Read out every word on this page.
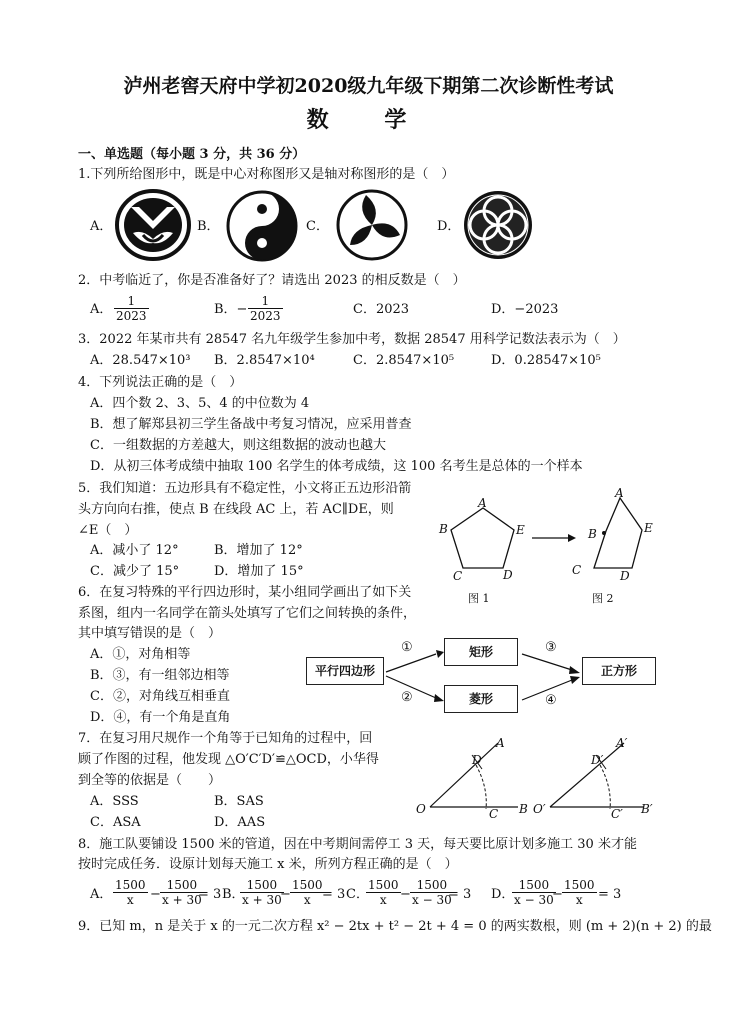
泸州老窖天府中学初2020级九年级下期第二次诊断性考试
数 学
一、单选题（每小题 3 分，共 36 分）
1.下列所给图形中，既是中心对称图形又是轴对称图形的是（　）
A．	B．	C．	D．
2．中考临近了，你是否准备好了？请选出 2023 的相反数是（　）
A． $\frac{1}{2023}$	B．− $\frac{1}{2023}$	C．2023	D．−2023
3．2022 年某市共有 28547 名九年级学生参加中考，数据 28547 用科学记数法表示为（　）
A．28.547×10³ B．2.8547×10⁴	C．2.8547×10⁵	D．0.28547×10⁵
4．下列说法正确的是（　）
A．四个数 2、3、5、4 的中位数为 4
B．想了解郑县初三学生备战中考复习情况，应采用普查
C．一组数据的方差越大，则这组数据的波动也越大
D．从初三体考成绩中抽取 100 名学生的体考成绩，这 100 名考生是总体的一个样本
5．我们知道：五边形具有不稳定性，小文将正五边形沿箭
头方向向右推，使点 B 在线段 AC 上，若 AC∥DE，则
∠E（　）
A．减小了 12°	B．增加了 12°
C．减少了 15°	D．增加了 15°
A
E
D
C
B
A
E
B
C	D
图 1	图 2
6．在复习特殊的平行四边形时，某小组同学画出了如下关
系图，组内一名同学在箭头处填写了它们之间转换的条件，
其中填写错误的是（　）
A．①，对角相等
B．③，有一组邻边相等
C．②，对角线互相垂直
D．④，有一个角是直角
平行四边形
矩形
菱形
正方形
①
②
③
④
7．在复习用尺规作一个角等于已知角的过程中，回
顾了作图的过程，他发现 △O′C′D′≌△OCD，小华得
到全等的依据是（　　）
A．SSS	B．SAS
C．ASA	D．AAS
O	C B
A
D
O′	C′ B′
A′
D′
8．施工队要铺设 1500 米的管道，因在中考期间需停工 3 天，每天要比原计划多施工 30 米才能
按时完成任务．设原计划每天施工 x 米，所列方程正确的是（　）
A． $\frac{1500}{x} - \frac{1500}{x + 30}$
= 3 B．
$\frac{1500}{x + 30}$
− $\frac{1500}{x}$
= 3 C．
$\frac{1500}{x} - \frac{1500}{x - 30}$
= 3 D．
$\frac{1500}{x - 30}$
− $\frac{1500}{x} = 3$
9．已知 m，n 是关于 x 的一元二次方程 x² − 2tx + t² − 2t + 4 = 0 的两实数根，则 (m + 2)(n + 2) 的最
